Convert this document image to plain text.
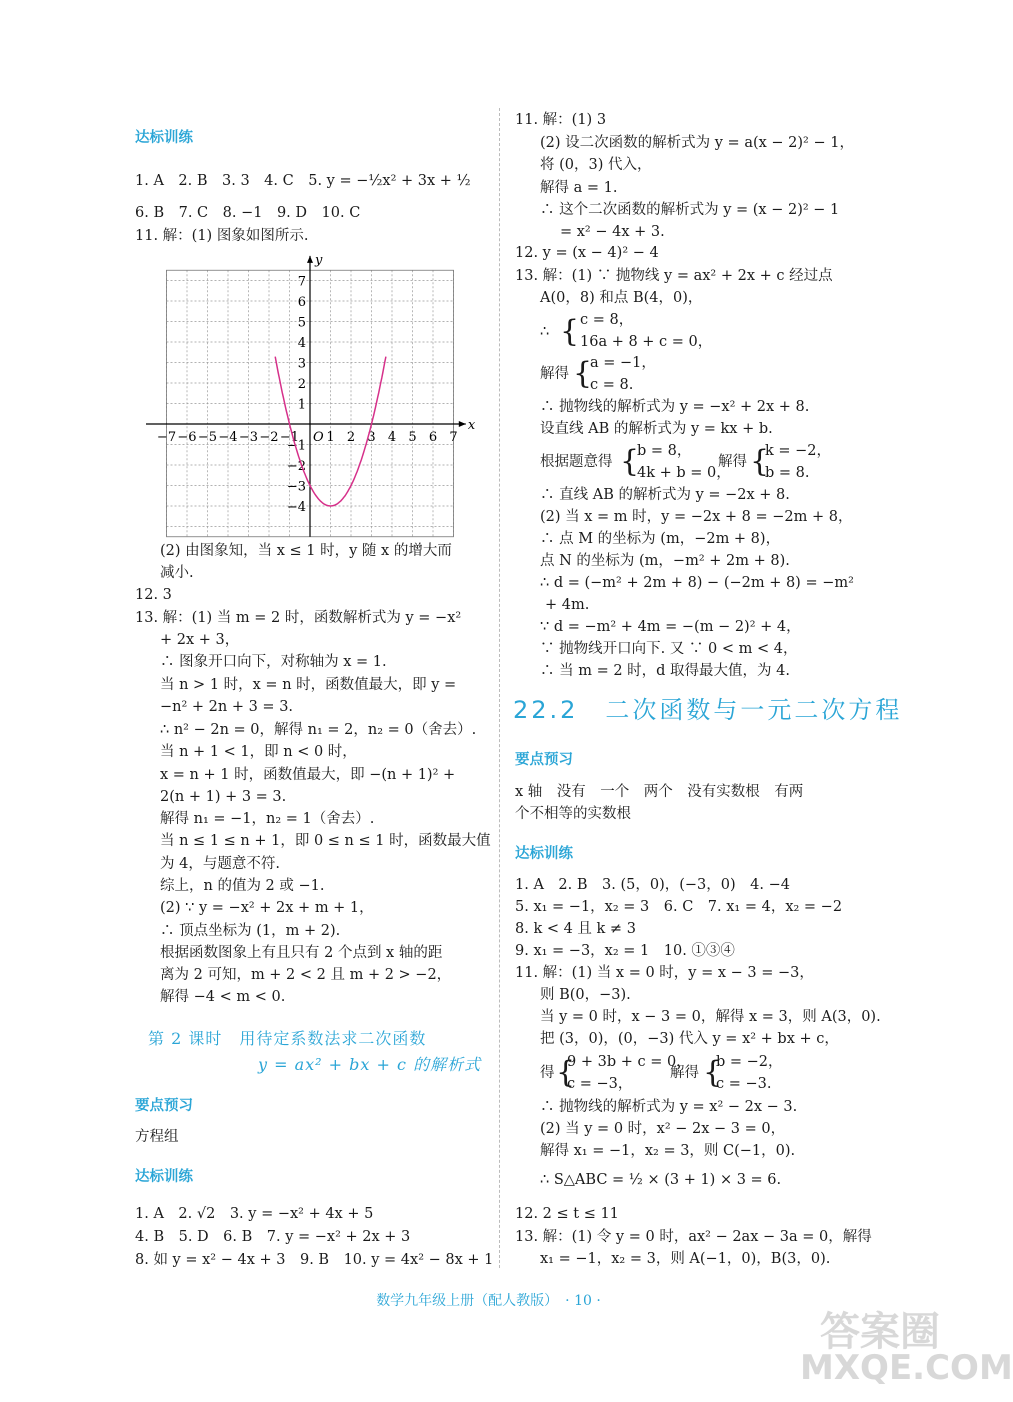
达标训练
1. A　2. B　3. 3　4. C　5. y = −½x² + 3x + ½
6. B　7. C　8. −1　9. D　10. C
11. 解：(1) 图象如图所示.
x
y
−7 −6 −5 −4 −3 −2 −1 O 1 2 3 4 5 6 7
7
6
5
4
3
2
1
−1
−2
−3
−4
(2) 由图象知，当 x ≤ 1 时，y 随 x 的增大而
减小.
12. 3
13. 解：(1) 当 m = 2 时，函数解析式为 y = −x²
+ 2x + 3，
∴ 图象开口向下，对称轴为 x = 1.
当 n > 1 时，x = n 时，函数值最大，即 y =
−n² + 2n + 3 = 3.
∴ n² − 2n = 0，解得 n₁ = 2，n₂ = 0（舍去）.
当 n + 1 < 1，即 n < 0 时，
x = n + 1 时，函数值最大，即 −(n + 1)² +
2(n + 1) + 3 = 3.
解得 n₁ = −1，n₂ = 1（舍去）.
当 n ≤ 1 ≤ n + 1，即 0 ≤ n ≤ 1 时，函数最大值
为 4，与题意不符.
综上，n 的值为 2 或 −1.
(2) ∵ y = −x² + 2x + m + 1，
∴ 顶点坐标为 (1，m + 2).
根据函数图象上有且只有 2 个点到 x 轴的距
离为 2 可知，m + 2 < 2 且 m + 2 > −2，
解得 −4 < m < 0.
第 2 课时　用待定系数法求二次函数
y = ax² + bx + c 的解析式
要点预习
方程组
达标训练
1. A　2. √2　3. y = −x² + 4x + 5
4. B　5. D　6. B　7. y = −x² + 2x + 3
8. 如 y = x² − 4x + 3　9. B　10. y = 4x² − 8x + 1
11. 解：(1) 3
(2) 设二次函数的解析式为 y = a(x − 2)² − 1，
将 (0，3) 代入，
解得 a = 1.
∴ 这个二次函数的解析式为 y = (x − 2)² − 1
= x² − 4x + 3.
12. y = (x − 4)² − 4
13. 解：(1) ∵ 抛物线 y = ax² + 2x + c 经过点
A(0，8) 和点 B(4，0)，
∴ { c = 8，
16a + 8 + c = 0，
解得 {
a = −1，
c = 8.
∴ 抛物线的解析式为 y = −x² + 2x + 8.
设直线 AB 的解析式为 y = kx + b.
根据题意得 {
b = 8，
4k + b = 0，
解得 {
k = −2，
b = 8.
∴ 直线 AB 的解析式为 y = −2x + 8.
(2) 当 x = m 时，y = −2x + 8 = −2m + 8，
∴ 点 M 的坐标为 (m，−2m + 8)，
点 N 的坐标为 (m，−m² + 2m + 8).
∴ d = (−m² + 2m + 8) − (−2m + 8) = −m²
+ 4m.
∵ d = −m² + 4m = −(m − 2)² + 4，
∵ 抛物线开口向下. 又 ∵ 0 < m < 4，
∴ 当 m = 2 时，d 取得最大值，为 4.
22.2　二次函数与一元二次方程
要点预习
x 轴　没有　一个　两个　没有实数根　有两
个不相等的实数根
达标训练
1. A　2. B　3. (5，0)，(−3，0)　4. −4
5. x₁ = −1，x₂ = 3　6. C　7. x₁ = 4，x₂ = −2
8. k < 4 且 k ≠ 3
9. x₁ = −3，x₂ = 1　10. ①③④
11. 解：(1) 当 x = 0 时，y = x − 3 = −3，
则 B(0，−3).
当 y = 0 时，x − 3 = 0，解得 x = 3，则 A(3，0).
把 (3，0)，(0，−3) 代入 y = x² + bx + c，
得 {
9 + 3b + c = 0，
c = −3，
解得 {
b = −2，
c = −3.
∴ 抛物线的解析式为 y = x² − 2x − 3.
(2) 当 y = 0 时，x² − 2x − 3 = 0，
解得 x₁ = −1，x₂ = 3，则 C(−1，0).
∴ S△ABC = ½ × (3 + 1) × 3 = 6.
12. 2 ≤ t ≤ 11
13. 解：(1) 令 y = 0 时，ax² − 2ax − 3a = 0，解得
x₁ = −1，x₂ = 3，则 A(−1，0)，B(3，0).
数学九年级上册（配人教版）　· 10 ·
答案圈
MXQE.COM
